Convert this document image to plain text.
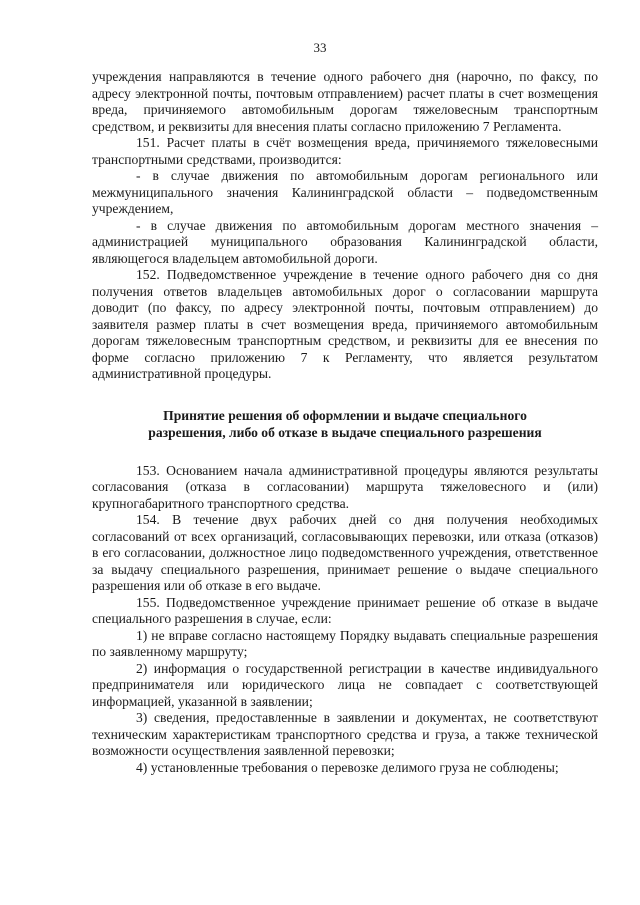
33

учреждения направляются в течение одного рабочего дня (нарочно, по факсу, по адресу электронной почты, почтовым отправлением) расчет платы в счет возмещения вреда, причиняемого автомобильным дорогам тяжеловесным транспортным средством, и реквизиты для внесения платы согласно приложению 7 Регламента.

151. Расчет платы в счёт возмещения вреда, причиняемого тяжеловесными транспортными средствами, производится:

- в случае движения по автомобильным дорогам регионального или межмуниципального значения Калининградской области – подведомственным учреждением,

- в случае движения по автомобильным дорогам местного значения – администрацией муниципального образования Калининградской области, являющегося владельцем автомобильной дороги.

152. Подведомственное учреждение в течение одного рабочего дня со дня получения ответов владельцев автомобильных дорог о согласовании маршрута доводит (по факсу, по адресу электронной почты, почтовым отправлением) до заявителя размер платы в счет возмещения вреда, причиняемого автомобильным дорогам тяжеловесным транспортным средством, и реквизиты для ее внесения по форме согласно приложению 7 к Регламенту, что является результатом административной процедуры.

Принятие решения об оформлении и выдаче специального
разрешения, либо об отказе в выдаче специального разрешения

153. Основанием начала административной процедуры являются результаты согласования (отказа в согласовании) маршрута тяжеловесного и (или) крупногабаритного транспортного средства.

154. В течение двух рабочих дней со дня получения необходимых согласований от всех организаций, согласовывающих перевозки, или отказа (отказов) в его согласовании, должностное лицо подведомственного учреждения, ответственное за выдачу специального разрешения, принимает решение о выдаче специального разрешения или об отказе в его выдаче.

155. Подведомственное учреждение принимает решение об отказе в выдаче специального разрешения в случае, если:

1) не вправе согласно настоящему Порядку выдавать специальные разрешения по заявленному маршруту;

2) информация о государственной регистрации в качестве индивидуального предпринимателя или юридического лица не совпадает с соответствующей информацией, указанной в заявлении;

3) сведения, предоставленные в заявлении и документах, не соответствуют техническим характеристикам транспортного средства и груза, а также технической возможности осуществления заявленной перевозки;

4) установленные требования о перевозке делимого груза не соблюдены;
